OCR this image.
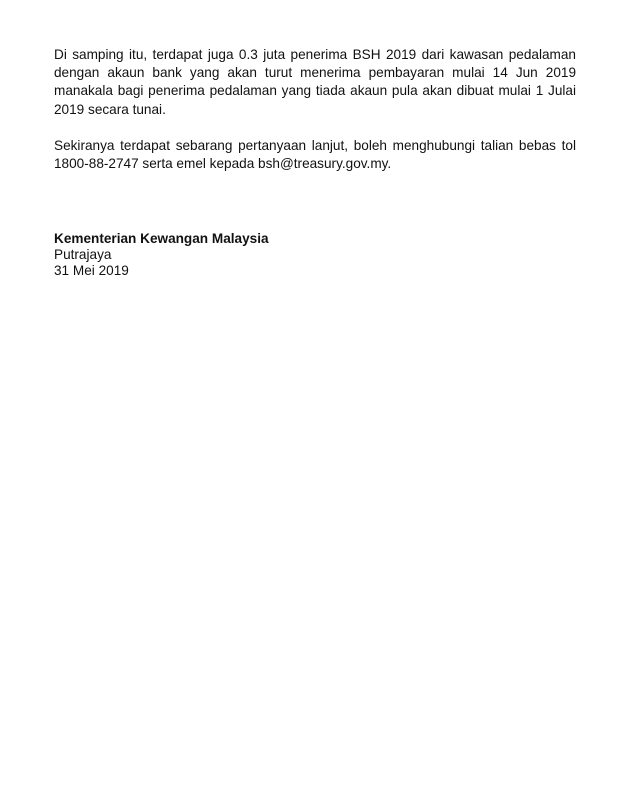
Di samping itu, terdapat juga 0.3 juta penerima BSH 2019 dari kawasan pedalaman dengan akaun bank yang akan turut menerima pembayaran mulai 14 Jun 2019 manakala bagi penerima pedalaman yang tiada akaun pula akan dibuat mulai 1 Julai 2019 secara tunai.

Sekiranya terdapat sebarang pertanyaan lanjut, boleh menghubungi talian bebas tol 1800-88-2747 serta emel kepada bsh@treasury.gov.my.

Kementerian Kewangan Malaysia
Putrajaya
31 Mei 2019
